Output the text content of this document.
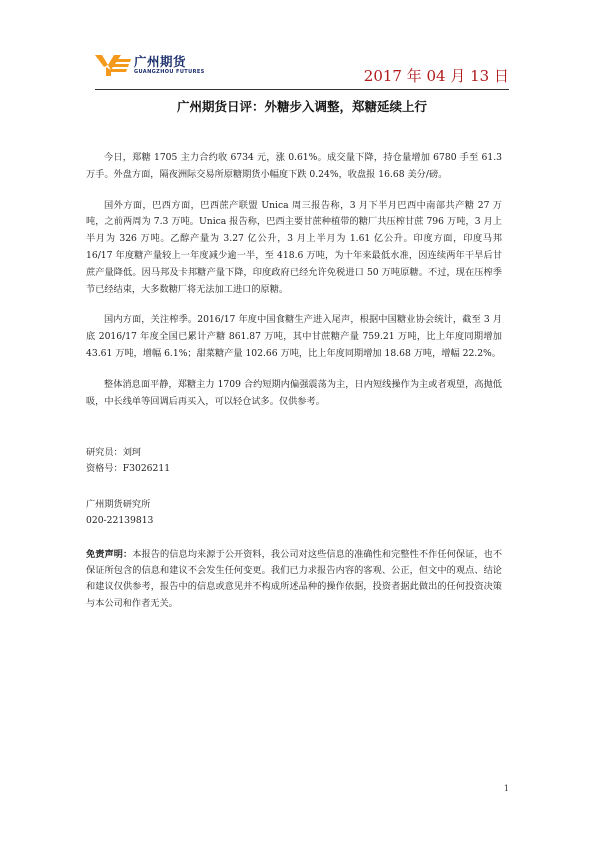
广州期货
GUANGZHOU FUTURES	2017 年 04 月 13 日
广州期货日评：外糖步入调整，郑糖延续上行

今日，郑糖 1705 主力合约收 6734 元，涨 0.61%。成交量下降，持仓量增加 6780 手至 61.3 万手。外盘方面，隔夜洲际交易所原糖期货小幅度下跌 0.24%，收盘报 16.68 美分/磅。

国外方面，巴西方面，巴西蔗产联盟 Unica 周三报告称，3 月下半月巴西中南部共产糖 27 万吨，之前两周为 7.3 万吨。Unica 报告称，巴西主要甘蔗种植带的糖厂共压榨甘蔗 796 万吨，3 月上半月为 326 万吨。乙醇产量为 3.27 亿公升，3 月上半月为 1.61 亿公升。印度方面，印度马邦 16/17 年度糖产量较上一年度减少逾一半，至 418.6 万吨，为十年来最低水准，因连续两年干旱后甘蔗产量降低。因马邦及卡邦糖产量下降，印度政府已经允许免税进口 50 万吨原糖。不过，现在压榨季节已经结束，大多数糖厂将无法加工进口的原糖。

国内方面，关注榨季。2016/17 年度中国食糖生产进入尾声，根据中国糖业协会统计，截至 3 月底 2016/17 年度全国已累计产糖 861.87 万吨，其中甘蔗糖产量 759.21 万吨，比上年度同期增加 43.61 万吨，增幅 6.1%；甜菜糖产量 102.66 万吨，比上年度同期增加 18.68 万吨，增幅 22.2%。

整体消息面平静，郑糖主力 1709 合约短期内偏强震荡为主，日内短线操作为主或者观望，高抛低吸，中长线单等回调后再买入，可以轻仓试多。仅供参考。

研究员：刘珂
资格号：F3026211
广州期货研究所
020-22139813
免责声明：本报告的信息均来源于公开资料，我公司对这些信息的准确性和完整性不作任何保证，也不保证所包含的信息和建议不会发生任何变更。我们已力求报告内容的客观、公正，但文中的观点、结论和建议仅供参考，报告中的信息或意见并不构成所述品种的操作依据，投资者据此做出的任何投资决策与本公司和作者无关。
1
